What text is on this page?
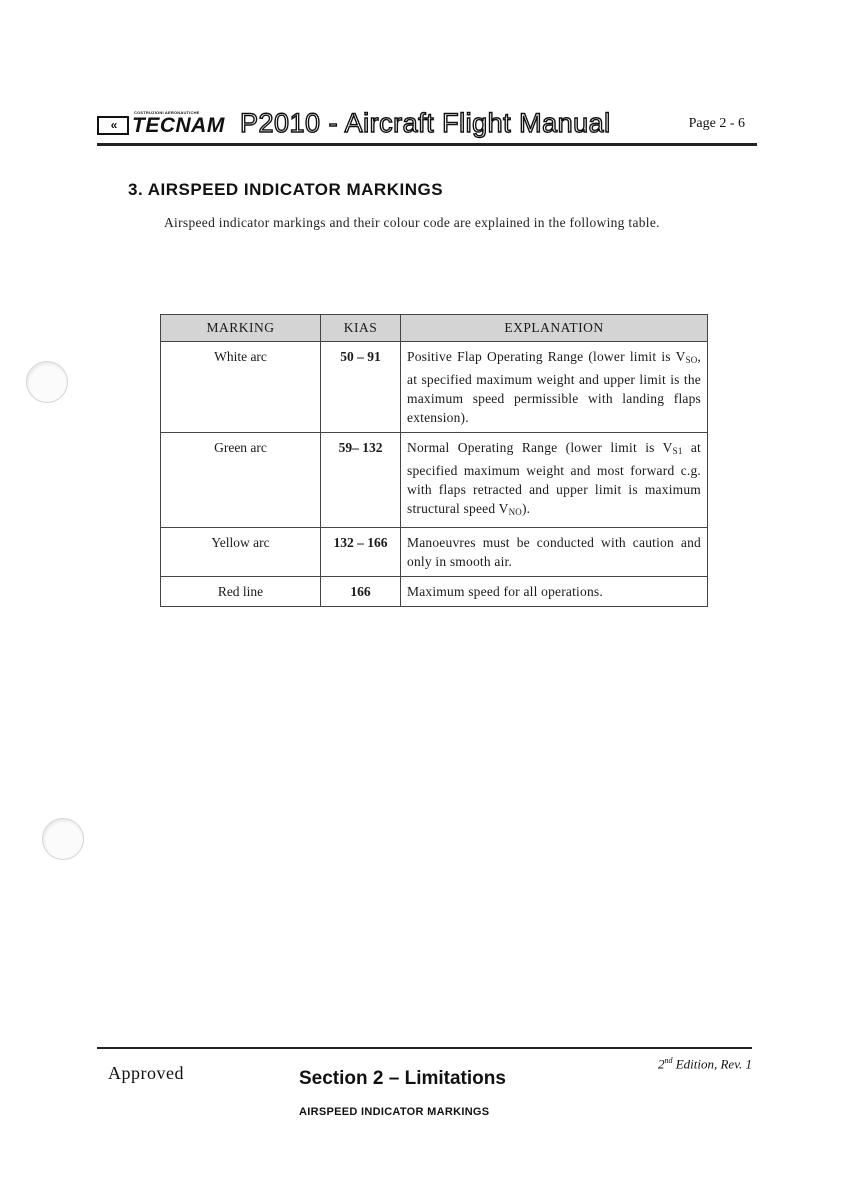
«
COSTRUZIONI AERONAUTICHE
TECNAM P2010 - Aircraft Flight Manual	Page 2 - 6
3. AIRSPEED INDICATOR MARKINGS
Airspeed indicator markings and their colour code are explained in the following table.
MARKING	KIAS	EXPLANATION
White arc	50 – 91	Positive Flap Operating Range (lower limit is $V_{SO}$, at specified maximum weight and upper limit is the maximum speed permissible with landing flaps extension).
Green arc	59– 132	Normal Operating Range (lower limit is $V_{S1}$ at specified maximum weight and most forward c.g. with flaps retracted and upper limit is maximum structural speed $V_{NO}$).
Yellow arc	132 – 166	Manoeuvres must be conducted with caution and only in smooth air.
Red line	166	Maximum speed for all operations.
Approved	2nd Edition, Rev. 1
Section 2 – Limitations
AIRSPEED INDICATOR MARKINGS
